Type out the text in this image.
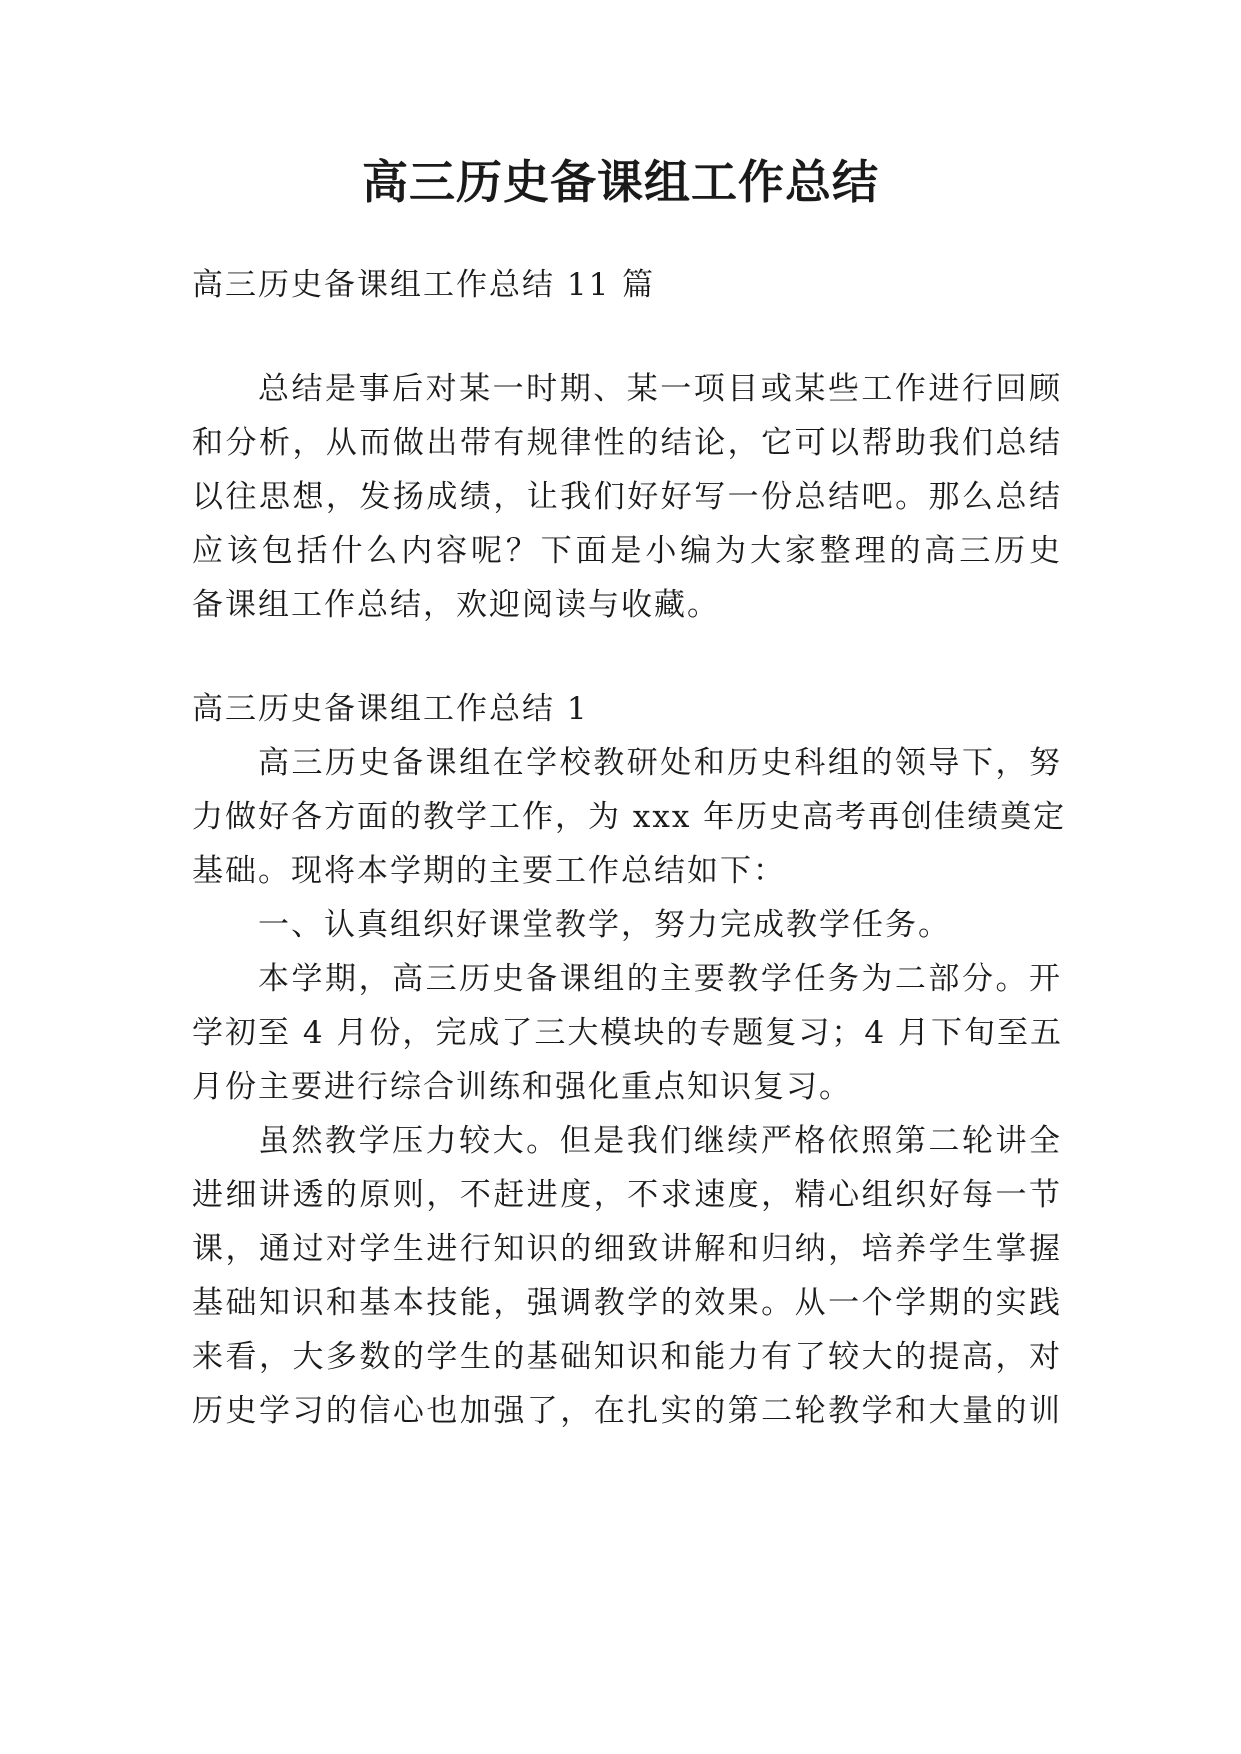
高三历史备课组工作总结

高三历史备课组工作总结 11 篇

总结是事后对某一时期、某一项目或某些工作进行回顾

和分析，从而做出带有规律性的结论，它可以帮助我们总结

以往思想，发扬成绩，让我们好好写一份总结吧。那么总结

应该包括什么内容呢？下面是小编为大家整理的高三历史

备课组工作总结，欢迎阅读与收藏。

高三历史备课组工作总结 1

高三历史备课组在学校教研处和历史科组的领导下，努

力做好各方面的教学工作，为 xxx 年历史高考再创佳绩奠定

基础。现将本学期的主要工作总结如下：

一、认真组织好课堂教学，努力完成教学任务。

本学期，高三历史备课组的主要教学任务为二部分。开

学初至 4 月份，完成了三大模块的专题复习；4 月下旬至五

月份主要进行综合训练和强化重点知识复习。

虽然教学压力较大。但是我们继续严格依照第二轮讲全

进细讲透的原则，不赶进度，不求速度，精心组织好每一节

课，通过对学生进行知识的细致讲解和归纳，培养学生掌握

基础知识和基本技能，强调教学的效果。从一个学期的实践

来看，大多数的学生的基础知识和能力有了较大的提高，对

历史学习的信心也加强了，在扎实的第二轮教学和大量的训
